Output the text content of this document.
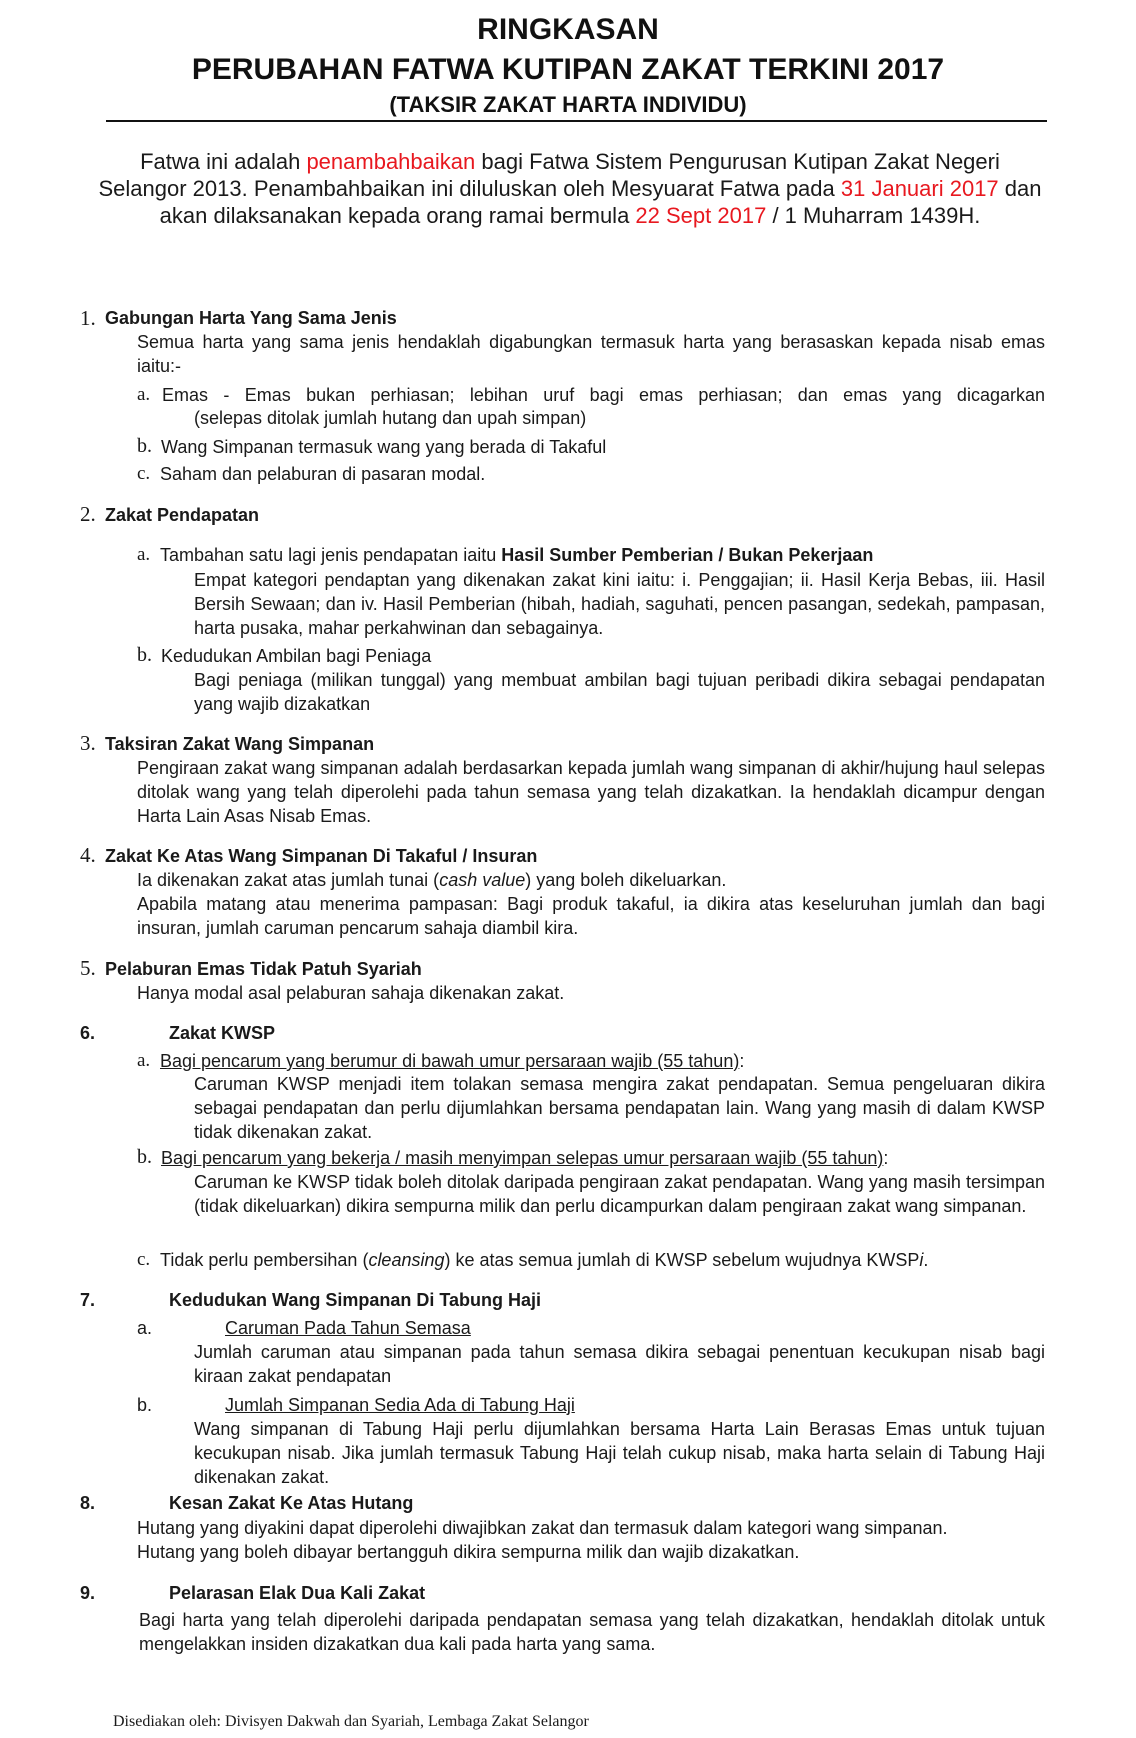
RINGKASAN
PERUBAHAN FATWA KUTIPAN ZAKAT TERKINI 2017
(TAKSIR ZAKAT HARTA INDIVIDU)
Fatwa ini adalah penambahbaikan bagi Fatwa Sistem Pengurusan Kutipan Zakat Negeri Selangor 2013. Penambahbaikan ini diluluskan oleh Mesyuarat Fatwa pada 31 Januari 2017 dan akan dilaksanakan kepada orang ramai bermula 22 Sept 2017 / 1 Muharram 1439H.
1. Gabungan Harta Yang Sama Jenis
Semua harta yang sama jenis hendaklah digabungkan termasuk harta yang berasaskan kepada nisab emas iaitu:-
a. Emas - Emas bukan perhiasan; lebihan uruf bagi emas perhiasan; dan emas yang dicagarkan
(selepas ditolak jumlah hutang dan upah simpan)
b. Wang Simpanan termasuk wang yang berada di Takaful
c. Saham dan pelaburan di pasaran modal.
2. Zakat Pendapatan
a. Tambahan satu lagi jenis pendapatan iaitu Hasil Sumber Pemberian / Bukan Pekerjaan
Empat kategori pendaptan yang dikenakan zakat kini iaitu: i. Penggajian; ii. Hasil Kerja Bebas, iii. Hasil Bersih Sewaan; dan iv. Hasil Pemberian (hibah, hadiah, saguhati, pencen pasangan, sedekah, pampasan, harta pusaka, mahar perkahwinan dan sebagainya.
b. Kedudukan Ambilan bagi Peniaga
Bagi peniaga (milikan tunggal) yang membuat ambilan bagi tujuan peribadi dikira sebagai pendapatan yang wajib dizakatkan
3. Taksiran Zakat Wang Simpanan
Pengiraan zakat wang simpanan adalah berdasarkan kepada jumlah wang simpanan di akhir/hujung haul selepas ditolak wang yang telah diperolehi pada tahun semasa yang telah dizakatkan. Ia hendaklah dicampur dengan Harta Lain Asas Nisab Emas.
4. Zakat Ke Atas Wang Simpanan Di Takaful / Insuran
Ia dikenakan zakat atas jumlah tunai (cash value) yang boleh dikeluarkan.
Apabila matang atau menerima pampasan: Bagi produk takaful, ia dikira atas keseluruhan jumlah dan bagi insuran, jumlah caruman pencarum sahaja diambil kira.
5. Pelaburan Emas Tidak Patuh Syariah
Hanya modal asal pelaburan sahaja dikenakan zakat.
6.	Zakat KWSP
a. Bagi pencarum yang berumur di bawah umur persaraan wajib (55 tahun):
Caruman KWSP menjadi item tolakan semasa mengira zakat pendapatan. Semua pengeluaran dikira sebagai pendapatan dan perlu dijumlahkan bersama pendapatan lain. Wang yang masih di dalam KWSP tidak dikenakan zakat.
b. Bagi pencarum yang bekerja / masih menyimpan selepas umur persaraan wajib (55 tahun):
Caruman ke KWSP tidak boleh ditolak daripada pengiraan zakat pendapatan. Wang yang masih tersimpan (tidak dikeluarkan) dikira sempurna milik dan perlu dicampurkan dalam pengiraan zakat wang simpanan.
c. Tidak perlu pembersihan (cleansing) ke atas semua jumlah di KWSP sebelum wujudnya KWSPi.
7.	Kedudukan Wang Simpanan Di Tabung Haji
a.	Caruman Pada Tahun Semasa
Jumlah caruman atau simpanan pada tahun semasa dikira sebagai penentuan kecukupan nisab bagi kiraan zakat pendapatan
b.	Jumlah Simpanan Sedia Ada di Tabung Haji
Wang simpanan di Tabung Haji perlu dijumlahkan bersama Harta Lain Berasas Emas untuk tujuan kecukupan nisab. Jika jumlah termasuk Tabung Haji telah cukup nisab, maka harta selain di Tabung Haji dikenakan zakat.
8.	Kesan Zakat Ke Atas Hutang
Hutang yang diyakini dapat diperolehi diwajibkan zakat dan termasuk dalam kategori wang simpanan.
Hutang yang boleh dibayar bertangguh dikira sempurna milik dan wajib dizakatkan.
9.	Pelarasan Elak Dua Kali Zakat
Bagi harta yang telah diperolehi daripada pendapatan semasa yang telah dizakatkan, hendaklah ditolak untuk mengelakkan insiden dizakatkan dua kali pada harta yang sama.
Disediakan oleh: Divisyen Dakwah dan Syariah, Lembaga Zakat Selangor
